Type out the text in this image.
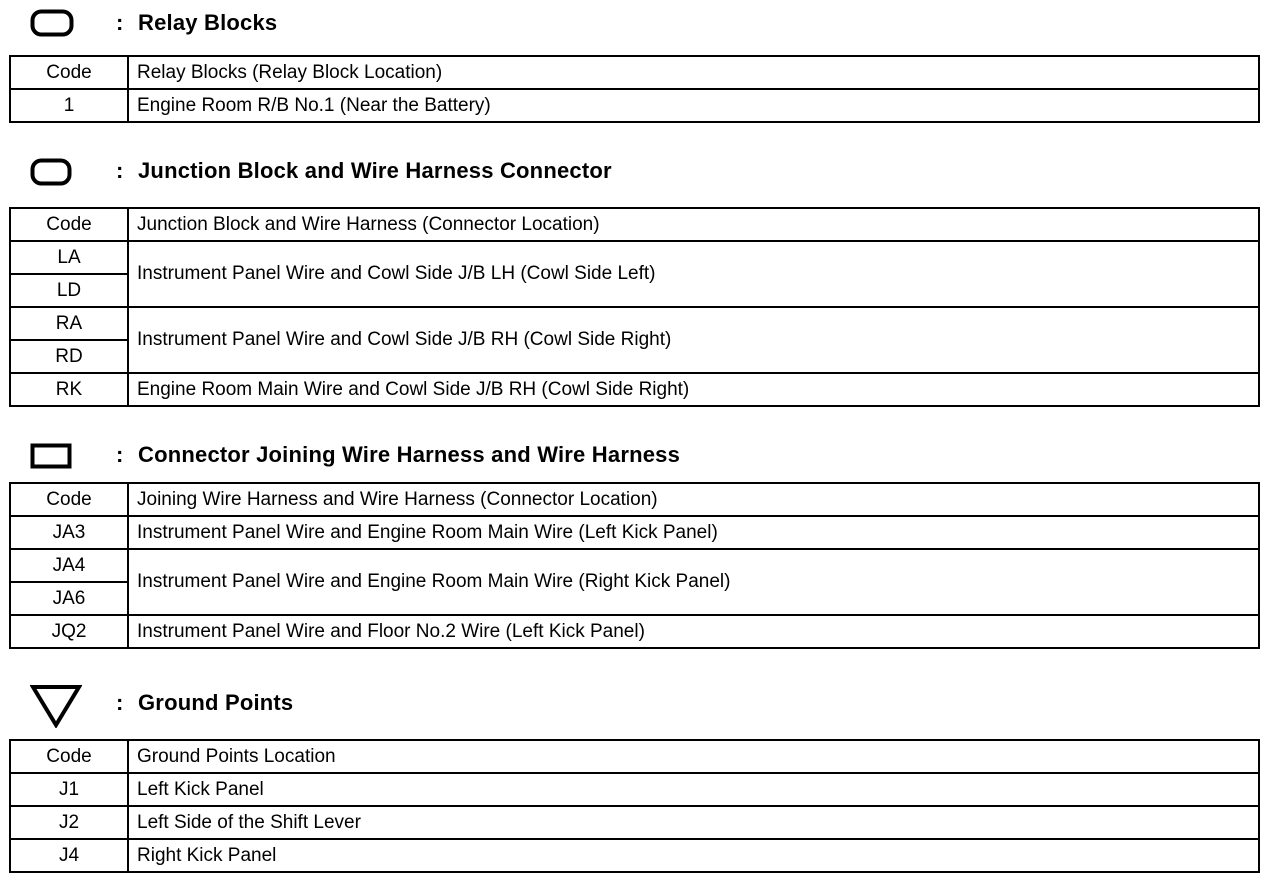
: Relay Blocks
Code	Relay Blocks (Relay Block Location)
1	Engine Room R/B No.1 (Near the Battery)
: Junction Block and Wire Harness Connector
Code	Junction Block and Wire Harness (Connector Location)
LA	Instrument Panel Wire and Cowl Side J/B LH (Cowl Side Left)
LD	
RA	Instrument Panel Wire and Cowl Side J/B RH (Cowl Side Right)
RD	
RK	Engine Room Main Wire and Cowl Side J/B RH (Cowl Side Right)
: Connector Joining Wire Harness and Wire Harness
Code	Joining Wire Harness and Wire Harness (Connector Location)
JA3	Instrument Panel Wire and Engine Room Main Wire (Left Kick Panel)
JA4	Instrument Panel Wire and Engine Room Main Wire (Right Kick Panel)
JA6	
JQ2	Instrument Panel Wire and Floor No.2 Wire (Left Kick Panel)
: Ground Points
Code	Ground Points Location
J1	Left Kick Panel
J2	Left Side of the Shift Lever
J4	Right Kick Panel
